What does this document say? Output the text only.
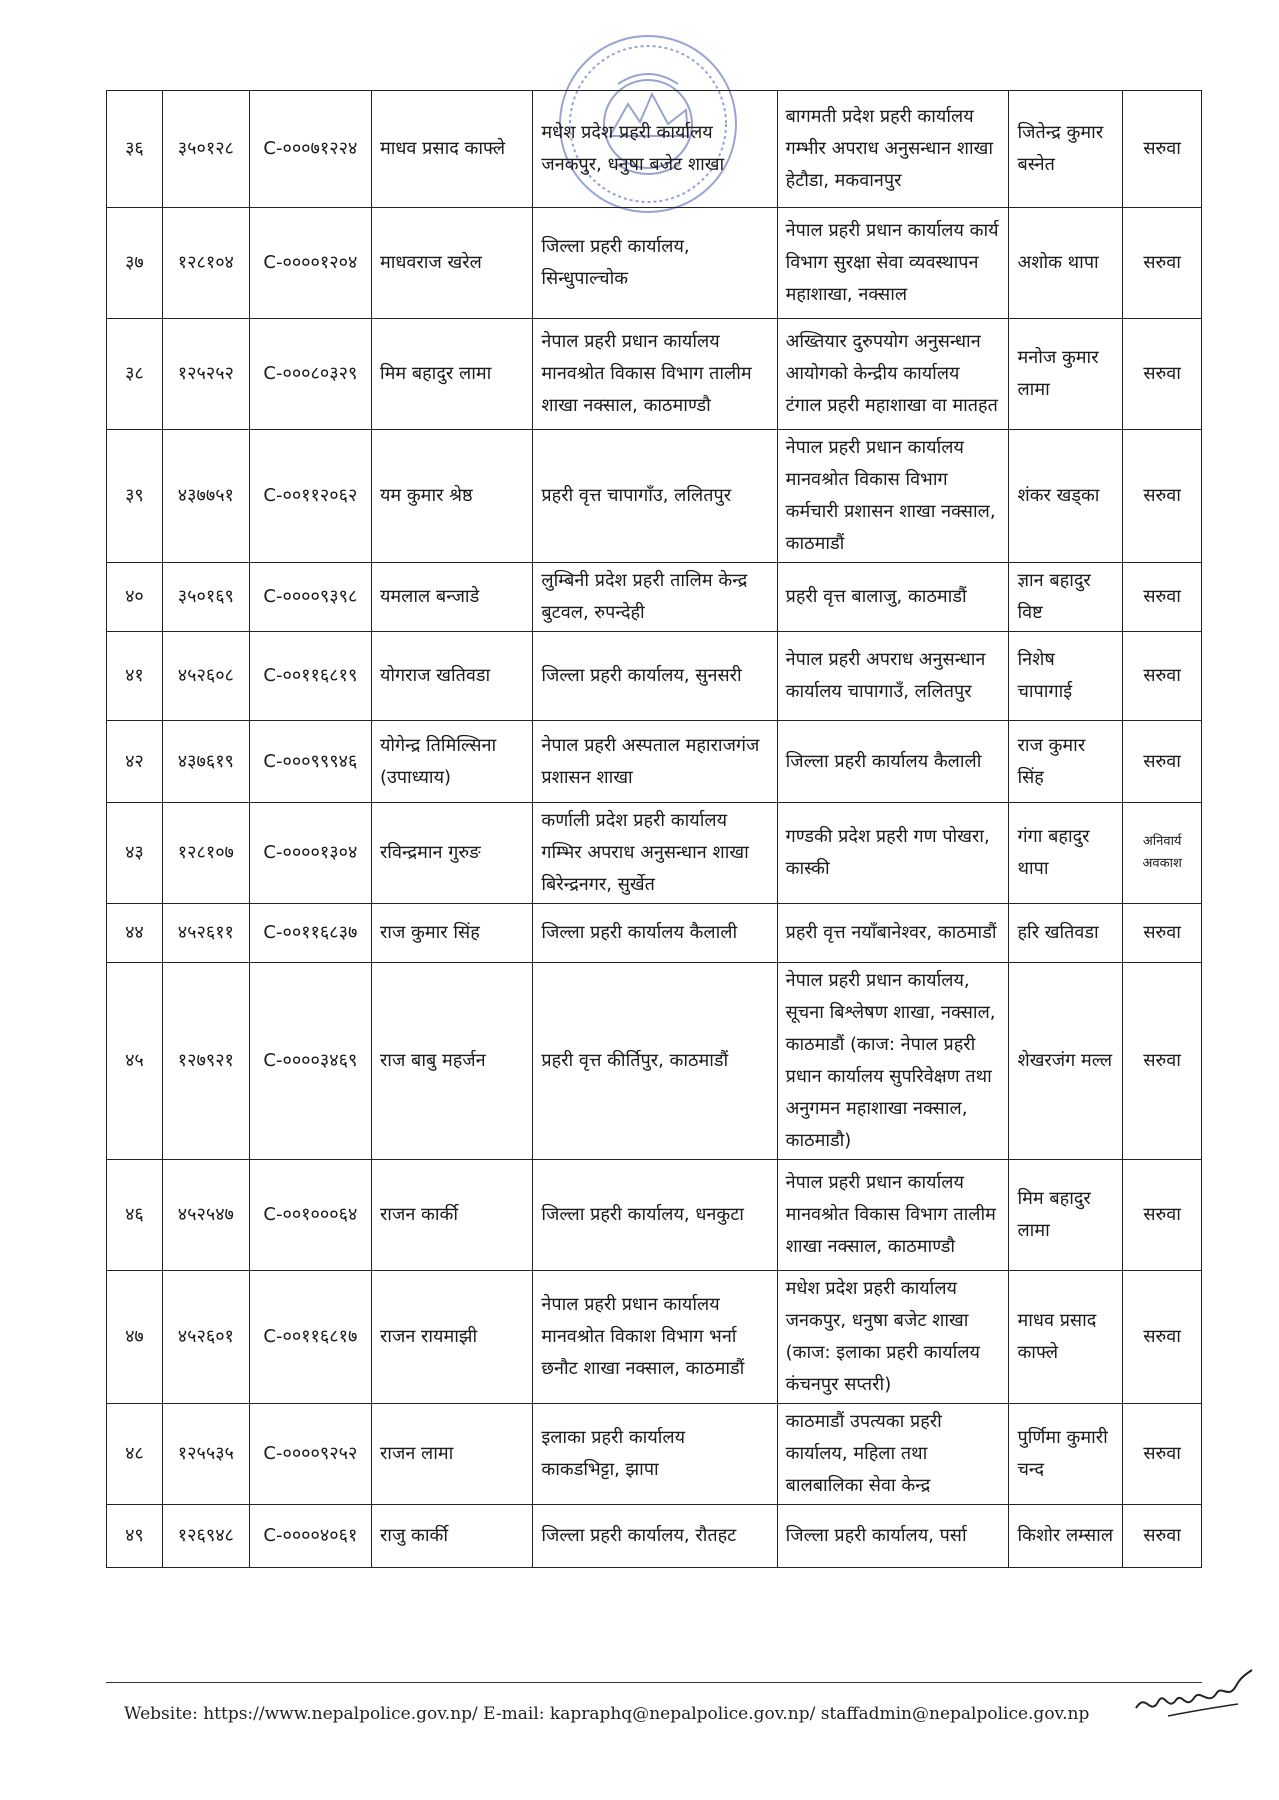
३६	३५०१२८	C-०००७१२२४	माधव प्रसाद काफ्ले	मधेश प्रदेश प्रहरी कार्यालय जनकपुर, धनुषा बजेट शाखा	बागमती प्रदेश प्रहरी कार्यालय गम्भीर अपराध अनुसन्धान शाखा हेटौडा, मकवानपुर	जितेन्द्र कुमार बस्नेत	सरुवा
३७	१२८१०४	C-००००१२०४	माधवराज खरेल	जिल्ला प्रहरी कार्यालय, सिन्धुपाल्चोक	नेपाल प्रहरी प्रधान कार्यालय कार्य विभाग सुरक्षा सेवा व्यवस्थापन महाशाखा, नक्साल	अशोक थापा	सरुवा
३८	१२५२५२	C-०००८०३२९	मिम बहादुर लामा	नेपाल प्रहरी प्रधान कार्यालय मानवश्रोत विकास विभाग तालीम शाखा नक्साल, काठमाण्डौ	अख्तियार दुरुपयोग अनुसन्धान आयोगको केन्द्रीय कार्यालय टंगाल प्रहरी महाशाखा वा मातहत	मनोज कुमार लामा	सरुवा
३९	४३७७५१	C-००११२०६२	यम कुमार श्रेष्ठ	प्रहरी वृत्त चापागाँउ, ललितपुर	नेपाल प्रहरी प्रधान कार्यालय मानवश्रोत विकास विभाग कर्मचारी प्रशासन शाखा नक्साल, काठमाडौं	शंकर खड्का	सरुवा
४०	३५०१६९	C-००००९३९८	यमलाल बन्जाडे	लुम्बिनी प्रदेश प्रहरी तालिम केन्द्र बुटवल, रुपन्देही	प्रहरी वृत्त बालाजु, काठमाडौं	ज्ञान बहादुर विष्ट	सरुवा
४१	४५२६०८	C-००११६८१९	योगराज खतिवडा	जिल्ला प्रहरी कार्यालय, सुनसरी	नेपाल प्रहरी अपराध अनुसन्धान कार्यालय चापागाउँ, ललितपुर	निशेष चापागाई	सरुवा
४२	४३७६१९	C-०००९९९४६	योगेन्द्र तिमिल्सिना (उपाध्याय)	नेपाल प्रहरी अस्पताल महाराजगंज प्रशासन शाखा	जिल्ला प्रहरी कार्यालय कैलाली	राज कुमार सिंह	सरुवा
४३	१२८१०७	C-००००१३०४	रविन्द्रमान गुरुङ	कर्णाली प्रदेश प्रहरी कार्यालय गम्भिर अपराध अनुसन्धान शाखा बिरेन्द्रनगर, सुर्खेत	गण्डकी प्रदेश प्रहरी गण पोखरा, कास्की	गंगा बहादुर थापा	अनिवार्य अवकाश
४४	४५२६११	C-००११६८३७	राज कुमार सिंह	जिल्ला प्रहरी कार्यालय कैलाली	प्रहरी वृत्त नयाँबानेश्वर, काठमाडौं	हरि खतिवडा	सरुवा
४५	१२७९२१	C-००००३४६९	राज बाबु महर्जन	प्रहरी वृत्त कीर्तिपुर, काठमाडौं	नेपाल प्रहरी प्रधान कार्यालय, सूचना बिश्लेषण शाखा, नक्साल, काठमाडौं (काज: नेपाल प्रहरी प्रधान कार्यालय सुपरिवेक्षण तथा अनुगमन महाशाखा नक्साल, काठमाडौ)	शेखरजंग मल्ल	सरुवा
४६	४५२५४७	C-००१०००६४	राजन कार्की	जिल्ला प्रहरी कार्यालय, धनकुटा	नेपाल प्रहरी प्रधान कार्यालय मानवश्रोत विकास विभाग तालीम शाखा नक्साल, काठमाण्डौ	मिम बहादुर लामा	सरुवा
४७	४५२६०१	C-००११६८१७	राजन रायमाझी	नेपाल प्रहरी प्रधान कार्यालय मानवश्रोत विकाश विभाग भर्ना छनौट शाखा नक्साल, काठमाडौं	मधेश प्रदेश प्रहरी कार्यालय जनकपुर, धनुषा बजेट शाखा (काज: इलाका प्रहरी कार्यालय कंचनपुर सप्तरी)	माधव प्रसाद काफ्ले	सरुवा
४८	१२५५३५	C-००००९२५२	राजन लामा	इलाका प्रहरी कार्यालय काकडभिट्टा, झापा	काठमाडौं उपत्यका प्रहरी कार्यालय, महिला तथा बालबालिका सेवा केन्द्र	पुर्णिमा कुमारी चन्द	सरुवा
४९	१२६९४८	C-००००४०६१	राजु कार्की	जिल्ला प्रहरी कार्यालय, रौतहट	जिल्ला प्रहरी कार्यालय, पर्सा	किशोर लम्साल	सरुवा
Website: https://www.nepalpolice.gov.np/ E-mail: kapraphq@nepalpolice.gov.np/ staffadmin@nepalpolice.gov.np
